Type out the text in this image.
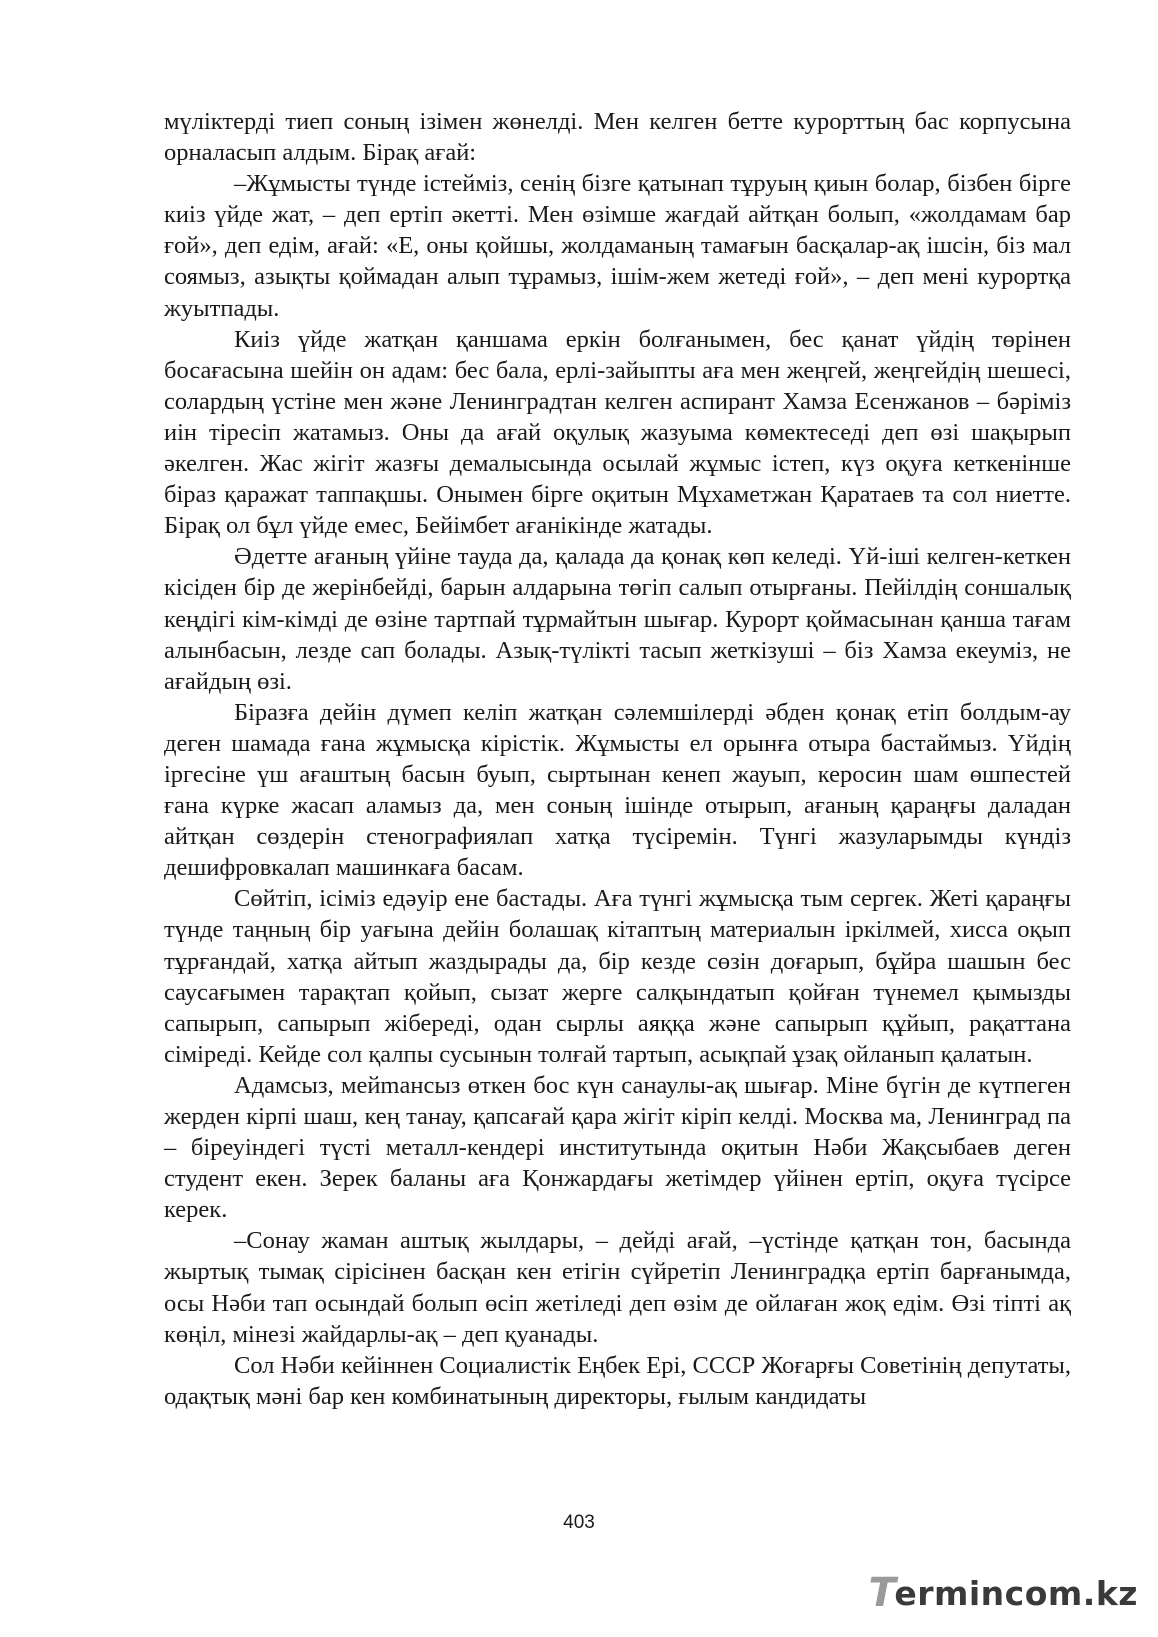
мүліктерді тиеп соның ізімен жөнелді. Мен келген бетте курорттың бас корпусына орналасып алдым. Бірақ ағай:

–Жұмысты түнде істейміз, сенің бізге қатынап тұруың қиын болар, бізбен бірге киіз үйде жат, – деп ертіп әкетті. Мен өзімше жағдай айтқан болып, «жолдамам бар ғой», деп едім, ағай: «Е, оны қойшы, жолдаманың тамағын басқалар-ақ ішсін, біз мал соямыз, азықты қоймадан алып тұрамыз, ішім-жем жетеді ғой», – деп мені курортқа жуытпады.

Киіз үйде жатқан қаншама еркін болғанымен, бес қанат үйдің төрінен босағасына шейін он адам: бес бала, ерлі-зайыпты аға мен жеңгей, жеңгейдің шешесі, солардың үстіне мен және Ленинградтан келген аспирант Хамза Есенжанов – бәріміз иін тіресіп жатамыз. Оны да ағай оқулық жазуыма көмектеседі деп өзі шақырып әкелген. Жас жігіт жазғы демалысында осылай жұмыс істеп, күз оқуға кеткенінше біраз қаражат таппақшы. Онымен бірге оқитын Мұхаметжан Қаратаев та сол ниетте. Бірақ ол бұл үйде емес, Бейімбет ағанікінде жатады.

Әдетте ағаның үйіне тауда да, қалада да қонақ көп келеді. Үй-іші келген-кеткен кісіден бір де жерінбейді, барын алдарына төгіп салып отырғаны. Пейілдің соншалық кеңдігі кім-кімді де өзіне тартпай тұрмайтын шығар. Курорт қоймасынан қанша тағам алынбасын, лезде сап болады. Азық-түлікті тасып жеткізуші – біз Хамза екеуміз, не ағайдың өзі.

Біразға дейін дүмеп келіп жатқан сәлемшілерді әбден қонақ етіп болдым-ау деген шамада ғана жұмысқа кірістік. Жұмысты ел орынға отыра бастаймыз. Үйдің іргесіне үш ағаштың басын буып, сыртынан кенеп жауып, керосин шам өшпестей ғана күрке жасап аламыз да, мен соның ішінде отырып, ағаның қараңғы даладан айтқан сөздерін стенографиялап хатқа түсіремін. Түнгі жазуларымды күндіз дешифровкалап машинкаға басам.

Сөйтіп, ісіміз едәуір ене бастады. Аға түнгі жұмысқа тым сергек. Жеті қараңғы түнде таңның бір уағына дейін болашақ кітаптың материалын іркілмей, хисса оқып тұрғандай, хатқа айтып жаздырады да, бір кезде сөзін доғарып, бұйра шашын бес саусағымен тарақтап қойып, сызат жерге салқындатып қойған түнемел қымызды сапырып, сапырып жібереді, одан сырлы аяққа және сапырып құйып, рақаттана сіміреді. Кейде сол қалпы сусынын толғай тартып, асықпай ұзақ ойланып қалатын.

Адамсыз, мейmансыз өткен бос күн санаулы-ақ шығар. Міне бүгін де күтпеген жерден кірпі шаш, кең танау, қапсағай қара жігіт кіріп келді. Москва ма, Ленинград па – біреуіндегі түсті металл-кендері институтында оқитын Нәби Жақсыбаев деген студент екен. Зерек баланы аға Қонжардағы жетімдер үйінен ертіп, оқуға түсірсе керек.

–Сонау жаман аштық жылдары, – дейді ағай, –үстінде қатқан тон, басында жыртық тымақ сірісінен басқан кен етігін сүйретіп Ленинградқа ертіп барғанымда, осы Нәби тап осындай болып өсіп жетіледі деп өзім де ойлаған жоқ едім. Өзі тіпті ақ көңіл, мінезі жайдарлы-ақ – деп қуанады.

Сол Нәби кейіннен Социалистік Еңбек Ері, СССР Жоғарғы Советінің депутаты, одақтық мәні бар кен комбинатының директоры, ғылым кандидаты

403
T
erminc o m.kz
